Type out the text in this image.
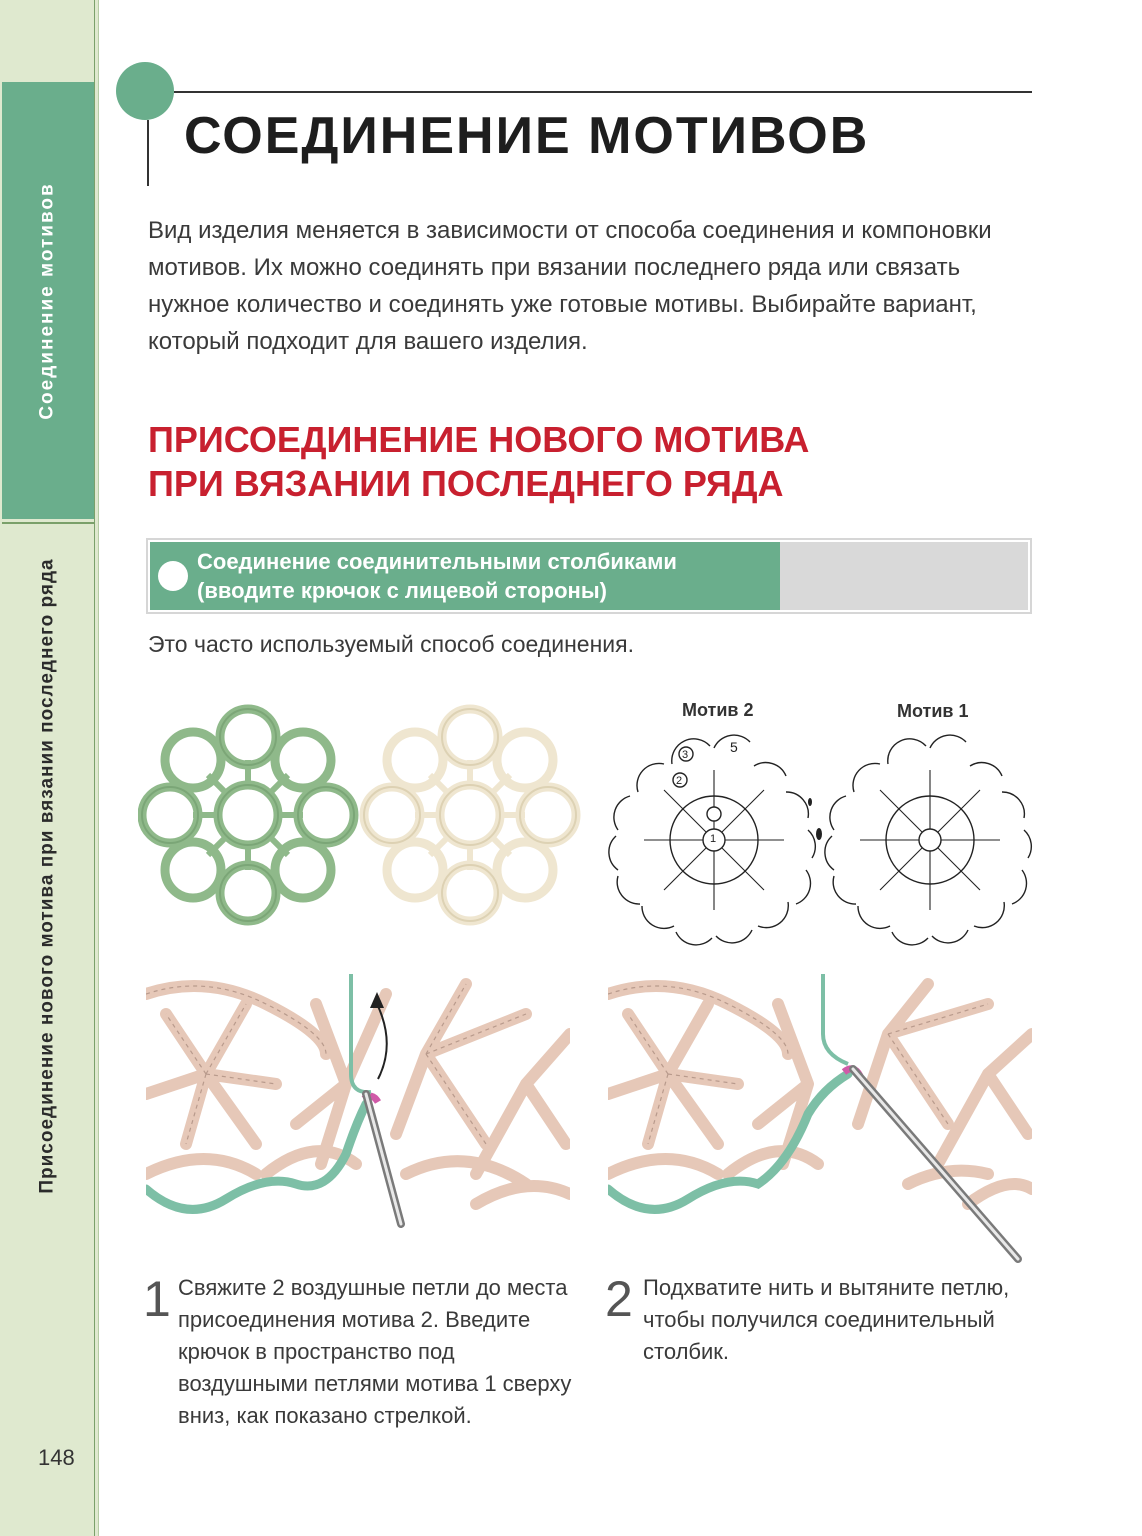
Соединение мотивов
Присоединение нового мотива при вязании последнего ряда
148
СОЕДИНЕНИЕ МОТИВОВ

Вид изделия меняется в зависимости от способа соединения и компоновки мотивов. Их можно соединять при вязании последнего ряда или связать нужное количество и соединять уже готовые мотивы. Выбирайте вариант, который подходит для вашего изделия.

ПРИСОЕДИНЕНИЕ НОВОГО МОТИВА
ПРИ ВЯЗАНИИ ПОСЛЕДНЕГО РЯДА
Соединение соединительными столбиками
(вводите крючок с лицевой стороны)
Это часто используемый способ соединения.
Мотив 2	Мотив 1
1
2
3	5
1 Свяжите 2 воздушные петли до места присоединения мотива 2. Введите крючок в пространство под воздушными петлями мотива 1 сверху вниз, как показано стрелкой.
2 Подхватите нить и вытяните петлю, чтобы получился соединительный столбик.
